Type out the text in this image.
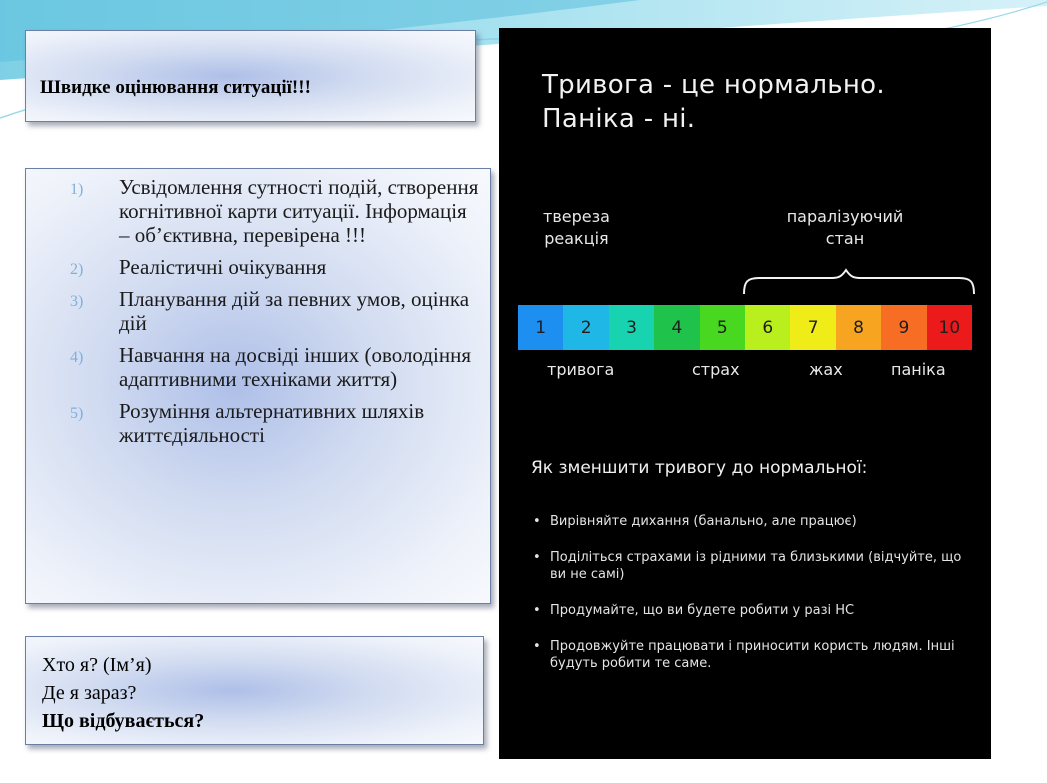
Швидке оцінювання ситуації!!!
1) Усвідомлення сутності подій, створення когнітивної карти ситуації. Інформація – об’єктивна, перевірена !!!
2) Реалістичні очікування
3) Планування дій за певних умов, оцінка дій
4) Навчання на досвіді інших (оволодіння адаптивними техніками життя)
5) Розуміння альтернативних шляхів життєдіяльності
Хто я? (Ім’я)
Де я зараз?
Що відбувається?
Тривога - це нормально.
Паніка - ні.
твереза
реакція
паралізуючий
стан
1	2	3	4	5	6	7	8	9	10
тривога	страх	жах	паніка
Як зменшити тривогу до нормальної:
• Вирівняйте дихання (банально, але працює)
• Поділіться страхами із рідними та близькими (відчуйте, що ви не самі)
• Продумайте, що ви будете робити у разі НС
• Продовжуйте працювати і приносити користь людям. Інші будуть робити те саме.
